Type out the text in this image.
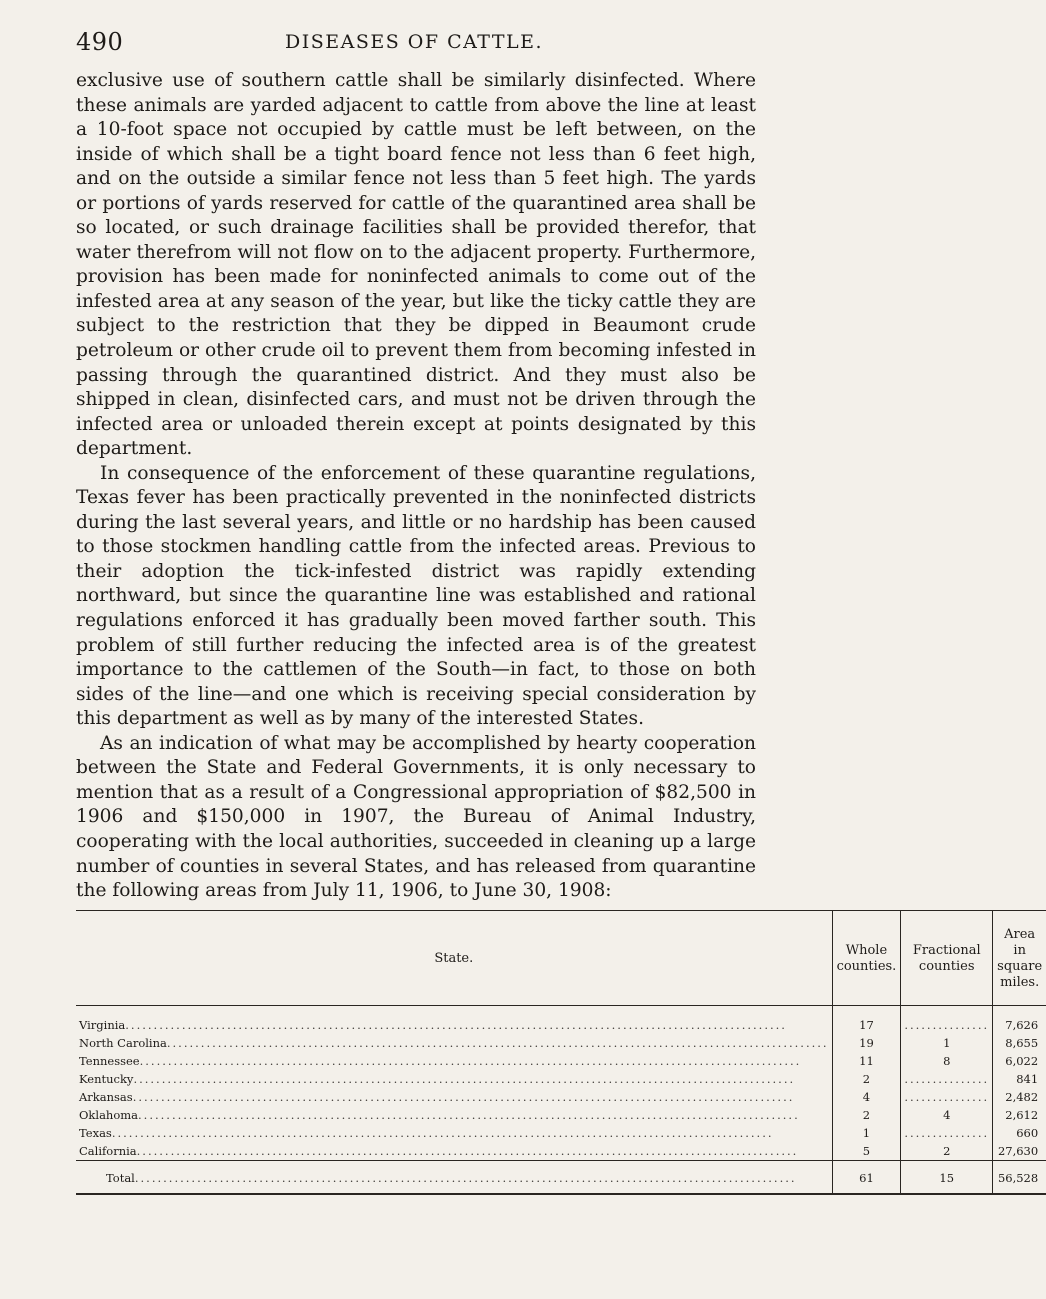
490	DISEASES OF CATTLE.

exclusive use of southern cattle shall be similarly disinfected. Where these animals are yarded adjacent to cattle from above the line at least a 10-foot space not occupied by cattle must be left between, on the inside of which shall be a tight board fence not less than 6 feet high, and on the outside a similar fence not less than 5 feet high. The yards or portions of yards reserved for cattle of the quarantined area shall be so located, or such drainage facilities shall be provided therefor, that water therefrom will not flow on to the adjacent property. Furthermore, provision has been made for noninfected animals to come out of the infested area at any season of the year, but like the ticky cattle they are subject to the restriction that they be dipped in Beaumont crude petroleum or other crude oil to prevent them from becoming infested in passing through the quarantined district. And they must also be shipped in clean, disinfected cars, and must not be driven through the infected area or unloaded therein except at points designated by this department.

In consequence of the enforcement of these quarantine regulations, Texas fever has been practically prevented in the noninfected districts during the last several years, and little or no hardship has been caused to those stockmen handling cattle from the infected areas. Previous to their adoption the tick-infested district was rapidly extending northward, but since the quarantine line was established and rational regulations enforced it has gradually been moved farther south. This problem of still further reducing the infected area is of the greatest importance to the cattlemen of the South—in fact, to those on both sides of the line—and one which is receiving special consideration by this department as well as by many of the interested States.

As an indication of what may be accomplished by hearty cooperation between the State and Federal Governments, it is only necessary to mention that as a result of a Congressional appropriation of $82,500 in 1906 and $150,000 in 1907, the Bureau of Animal Industry, cooperating with the local authorities, succeeded in cleaning up a large number of counties in several States, and has released from quarantine the following areas from July 11, 1906, to June 30, 1908:

State.	Whole counties.	Fractional counties	Area in square miles.
Virginia.....................................................................................................................	17	...............	7,626
North Carolina.....................................................................................................................	19	1	8,655
Tennessee.....................................................................................................................	11	8	6,022
Kentucky.....................................................................................................................	2	...............	841
Arkansas.....................................................................................................................	4	...............	2,482
Oklahoma.....................................................................................................................	2	4	2,612
Texas.....................................................................................................................	1	...............	660
California.....................................................................................................................	5	2	27,630
Total.....................................................................................................................	61	15	56,528
